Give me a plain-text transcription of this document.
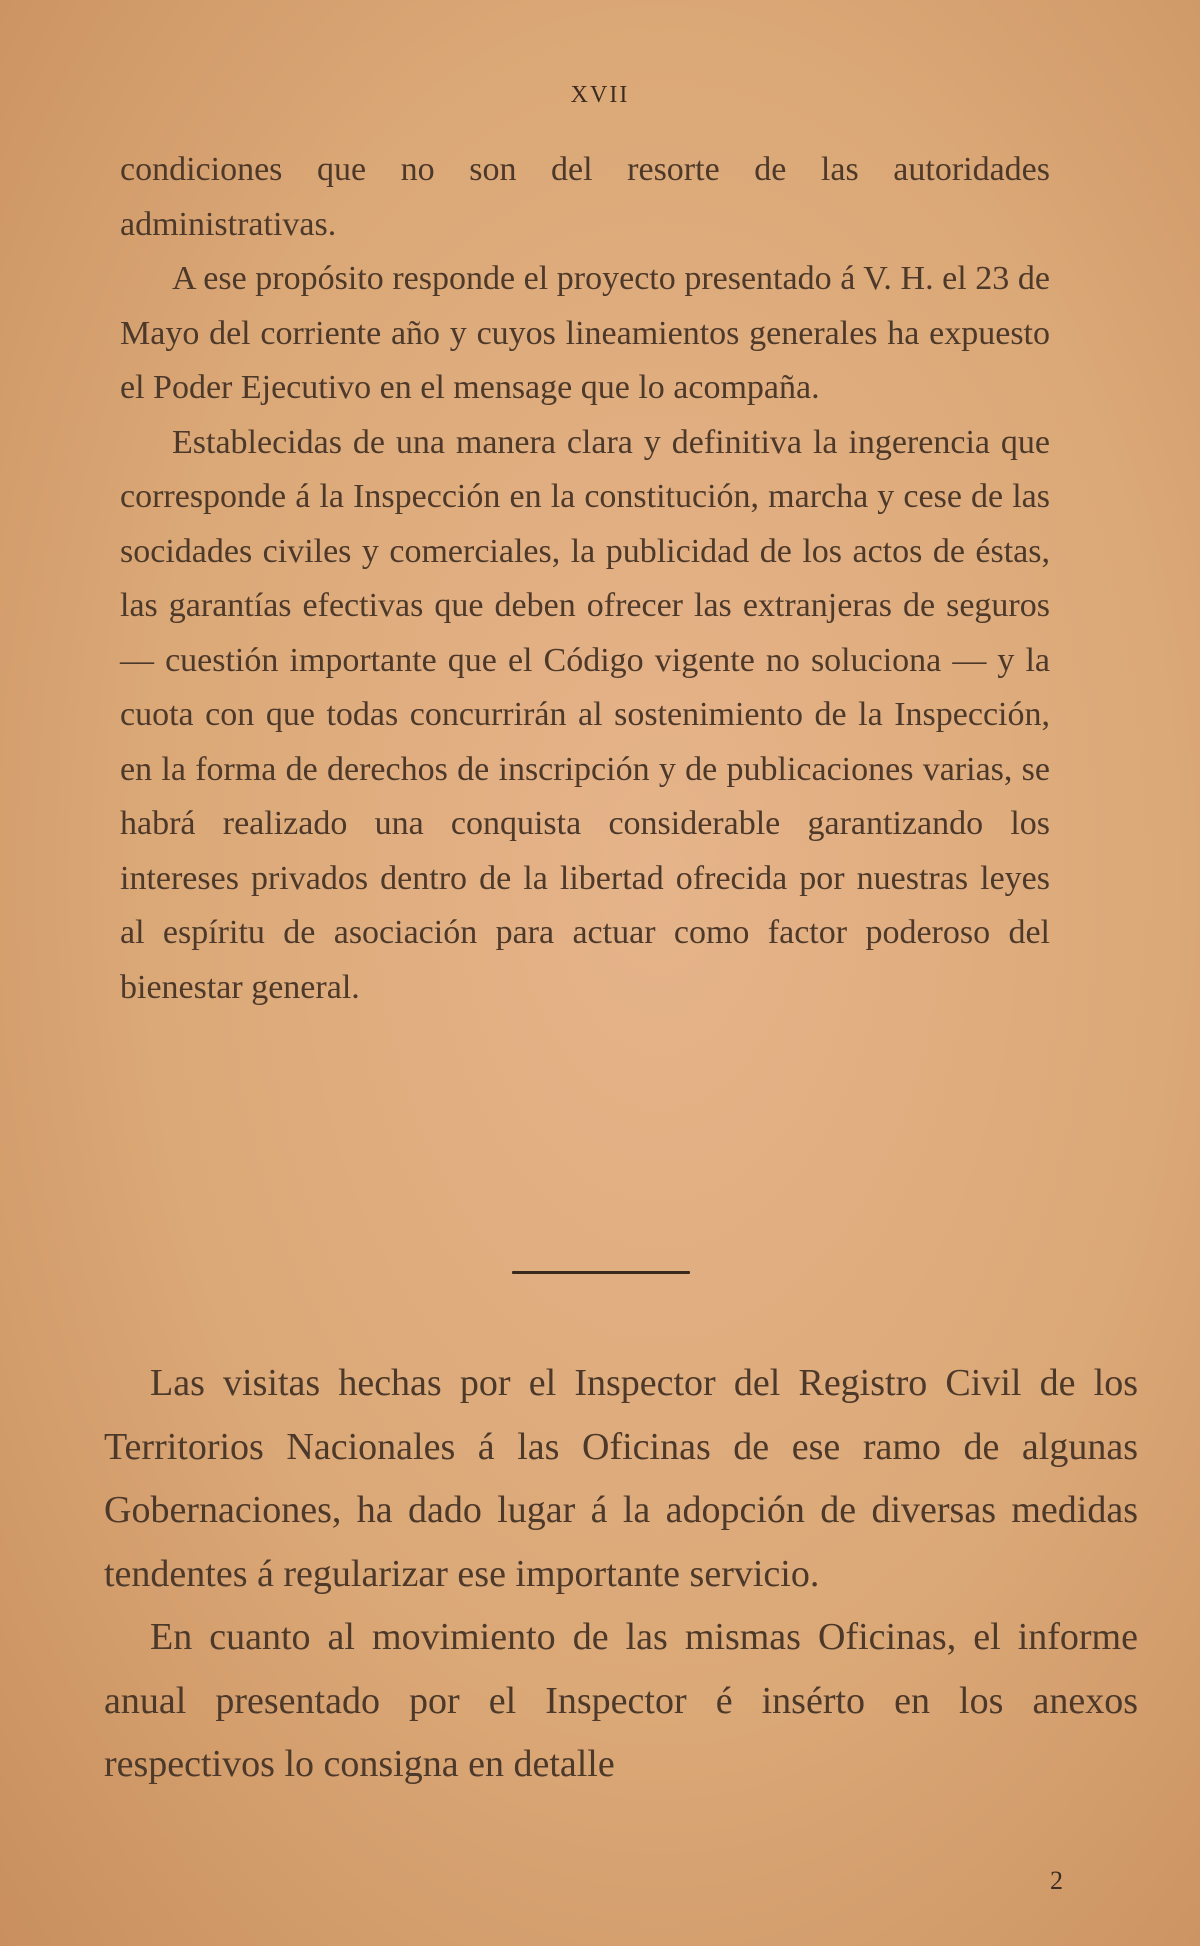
XVII

condiciones que no son del resorte de las autoridades administrativas.

A ese propósito responde el proyecto presentado á V. H. el 23 de Mayo del corriente año y cuyos lineamientos generales ha expuesto el Poder Ejecutivo en el mensage que lo acompaña.

Establecidas de una manera clara y definitiva la ingerencia que corresponde á la Inspección en la constitución, marcha y cese de las socidades civiles y comerciales, la publicidad de los actos de éstas, las garantías efectivas que deben ofrecer las extranjeras de seguros — cuestión importante que el Código vigente no soluciona — y la cuota con que todas concurrirán al sostenimiento de la Inspección, en la forma de derechos de inscripción y de publicaciones varias, se habrá realizado una conquista considerable garantizando los intereses privados dentro de la libertad ofrecida por nuestras leyes al espíritu de asociación para actuar como factor poderoso del bienestar general.

Las visitas hechas por el Inspector del Registro Civil de los Territorios Nacionales á las Oficinas de ese ramo de algunas Gobernaciones, ha dado lugar á la adopción de diversas medidas tendentes á regularizar ese importante servicio.

En cuanto al movimiento de las mismas Oficinas, el informe anual presentado por el Inspector é insérto en los anexos respectivos lo consigna en detalle

2
